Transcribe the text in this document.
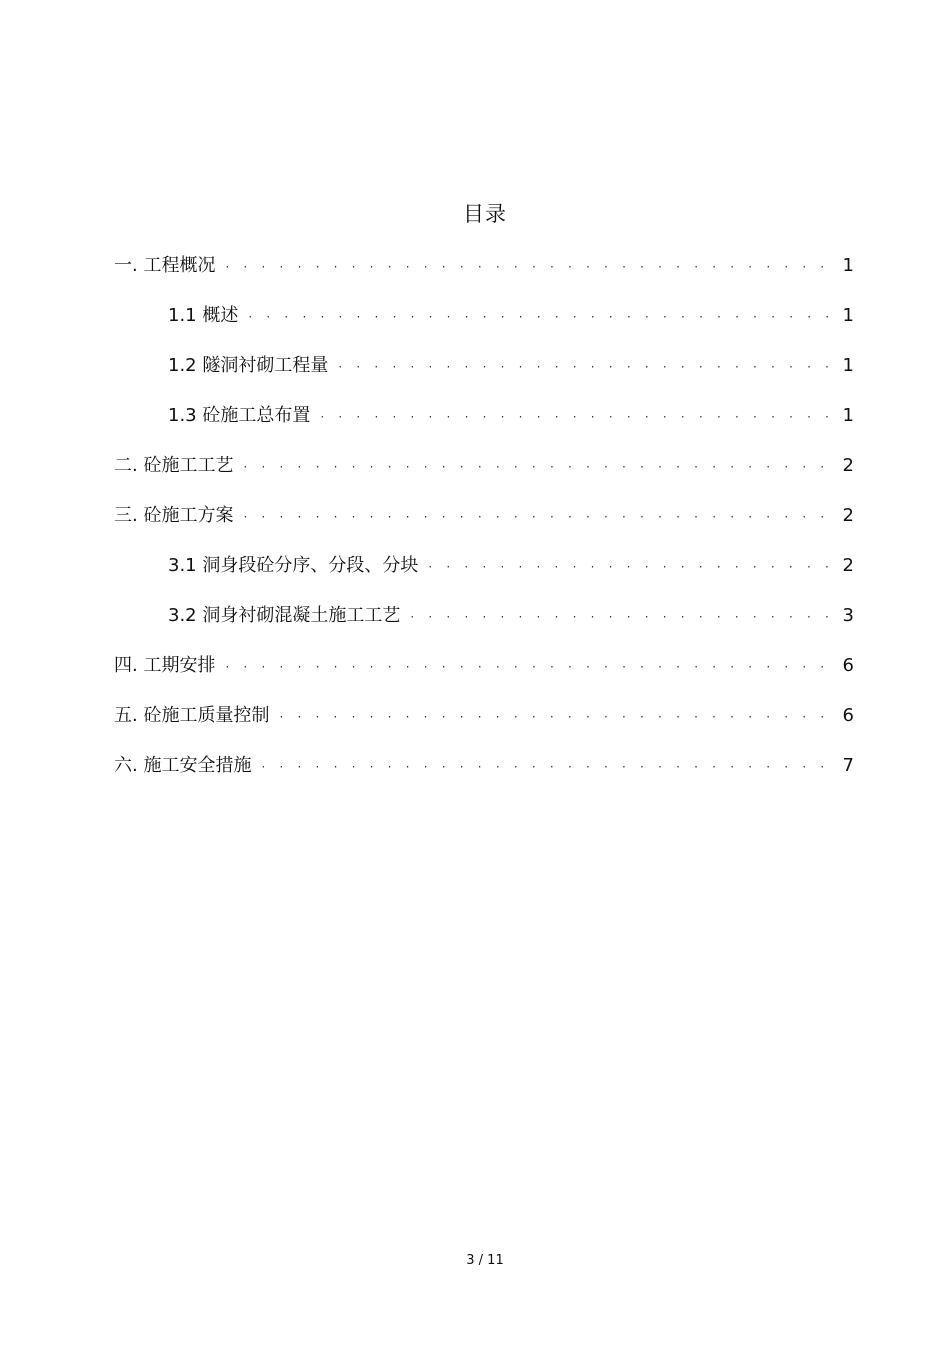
目录
一. 工程概况 · · ·	1
1.1 概述 · · ·	1
1.2 隧洞衬砌工程量 · · ·	1
1.3 砼施工总布置 · · ·	1
二. 砼施工工艺 · · ·	2
三. 砼施工方案 · · ·	2
3.1 洞身段砼分序、分段、分块 · · ·	2
3.2 洞身衬砌混凝土施工工艺 · · ·	3
四. 工期安排 · · ·	6
五. 砼施工质量控制 · · ·	6
六. 施工安全措施 · · ·	7
3 / 11
